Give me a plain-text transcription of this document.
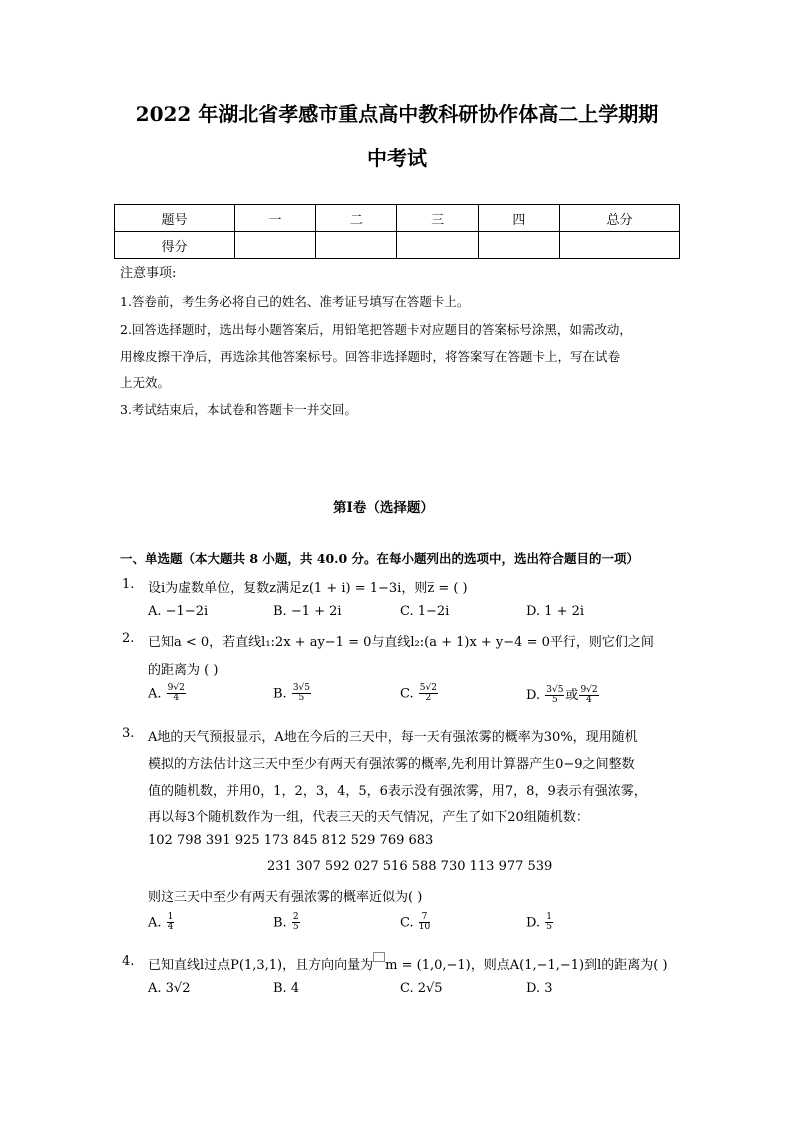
2022 年湖北省孝感市重点高中教科研协作体高二上学期期
中考试
题号	一	二	三	四	总分
得分					
注意事项:
1.答卷前，考生务必将自己的姓名、准考证号填写在答题卡上。
2.回答选择题时，选出每小题答案后，用铅笔把答题卡对应题目的答案标号涂黑，如需改动，
用橡皮擦干净后，再选涂其他答案标号。回答非选择题时，将答案写在答题卡上，写在试卷
上无效。
3.考试结束后，本试卷和答题卡一并交回。
第Ⅰ卷（选择题）
一、单选题（本大题共 8 小题，共 40.0 分。在每小题列出的选项中，选出符合题目的一项）
1. 设i为虚数单位，复数z满足z(1 + i) = 1−3i，则z̅ = ( )
A. −1−2i	B. −1 + 2i	C. 1−2i	D. 1 + 2i
2. 已知a < 0，若直线l₁:2x + ay−1 = 0与直线l₂:(a + 1)x + y−4 = 0平行，则它们之间
的距离为 ( )
A. $\frac{9√2}{4}$	B. $\frac{3√5}{5}$	C. $\frac{5√2}{2}$	D. $\frac{3√5}{5}$ 或 $\frac{9√2}{4}$
3. A地的天气预报显示，A地在今后的三天中，每一天有强浓雾的概率为30%，现用随机
模拟的方法估计这三天中至少有两天有强浓雾的概率,先利用计算器产生0−9之间整数
值的随机数，并用0，1，2，3，4，5，6表示没有强浓雾，用7，8，9表示有强浓雾，
再以每3个随机数作为一组，代表三天的天气情况，产生了如下20组随机数：
102 798 391 925 173 845 812 529 769 683
231 307 592 027 516 588 730 113 977 539
则这三天中至少有两天有强浓雾的概率近似为( )
A. $\frac{1}{4}$	B. $\frac{2}{5}$	C. $\frac{7}{10}$	D. $\frac{1}{5}$
4. 已知直线l过点P(1,3,1)，且方向向量为 m = (1,0,−1)，则点A(1,−1,−1)到l的距离为( )
A. 3√2	B. 4	C. 2√5	D. 3
